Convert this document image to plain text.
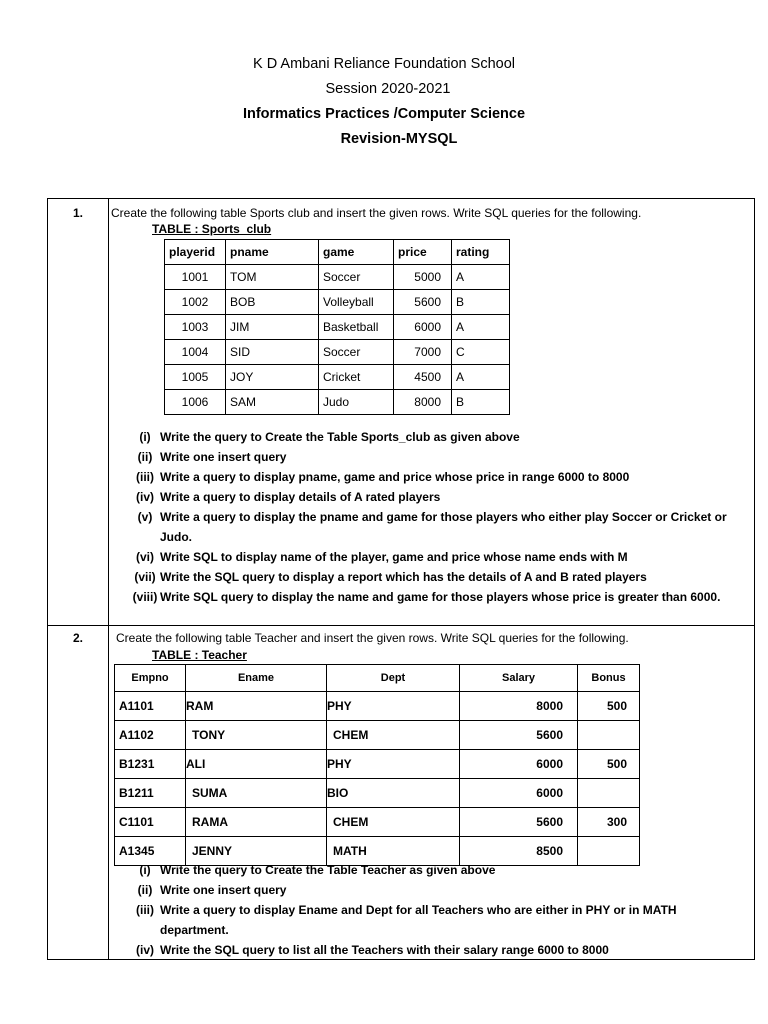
K D Ambani Reliance Foundation School
Session 2020-2021
Informatics Practices /Computer Science
Revision-MYSQL
1.	Create the following table Sports club and insert the given rows. Write SQL queries for the following.
TABLE : Sports_club
playerid	pname	game	price	rating
1001	TOM	Soccer	5000	A
1002	BOB	Volleyball	5600	B
1003	JIM	Basketball	6000	A
1004	SID	Soccer	7000	C
1005	JOY	Cricket	4500	A
1006	SAM	Judo	8000	B
(i) Write the query to Create the Table Sports_club as given above
(ii) Write one insert query
(iii) Write a query to display pname, game and price whose price in range 6000 to 8000
(iv) Write a query to display details of A rated players
(v) Write a query to display the pname and game for those players who either play Soccer or Cricket or
Judo.
(vi) Write SQL to display name of the player, game and price whose name ends with M
(vii) Write the SQL query to display a report which has the details of A and B rated players
(viii) Write SQL query to display the name and game for those players whose price is greater than 6000.
2.	Create the following table Teacher and insert the given rows. Write SQL queries for the following.
TABLE : Teacher
Empno	Ename	Dept	Salary	Bonus
A1101	RAM	PHY	8000	500
A1102	TONY	CHEM	5600	
B1231	ALI	PHY	6000	500
B1211	SUMA	BIO	6000	
C1101	RAMA	CHEM	5600	300
A1345	JENNY	MATH	8500	
(i) Write the query to Create the Table Teacher as given above
(ii) Write one insert query
(iii) Write a query to display Ename and Dept for all Teachers who are either in PHY or in MATH
department.
(iv) Write the SQL query to list all the Teachers with their salary range 6000 to 8000
